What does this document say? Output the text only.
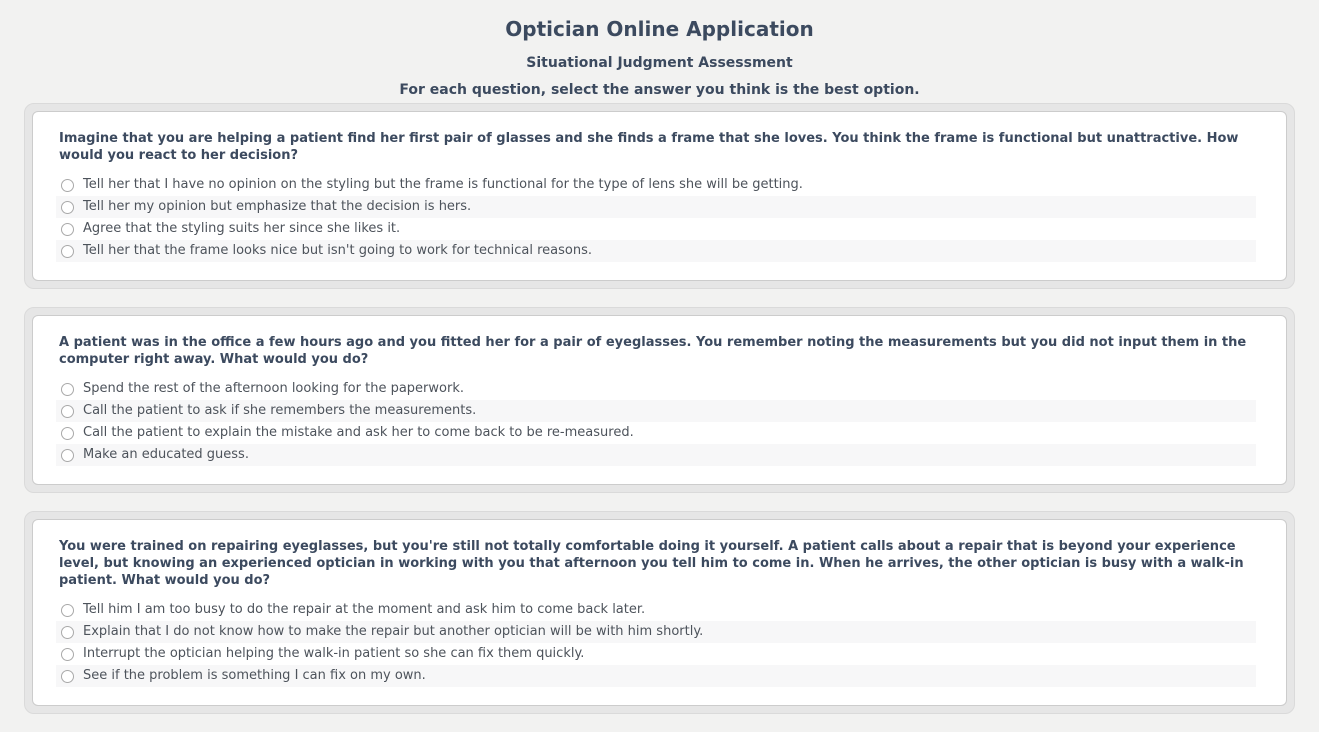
Optician Online Application
Situational Judgment Assessment

For each question, select the answer you think is the best option.

Imagine that you are helping a patient find her first pair of glasses and she finds a frame that she loves. You think the frame is functional but unattractive. How would you react to her decision?

Tell her that I have no opinion on the styling but the frame is functional for the type of lens she will be getting.
Tell her my opinion but emphasize that the decision is hers.
Agree that the styling suits her since she likes it.
Tell her that the frame looks nice but isn't going to work for technical reasons.

A patient was in the office a few hours ago and you fitted her for a pair of eyeglasses. You remember noting the measurements but you did not input them in the computer right away. What would you do?

Spend the rest of the afternoon looking for the paperwork.
Call the patient to ask if she remembers the measurements.
Call the patient to explain the mistake and ask her to come back to be re-measured.
Make an educated guess.

You were trained on repairing eyeglasses, but you're still not totally comfortable doing it yourself. A patient calls about a repair that is beyond your experience level, but knowing an experienced optician in working with you that afternoon you tell him to come in. When he arrives, the other optician is busy with a walk-in patient. What would you do?

Tell him I am too busy to do the repair at the moment and ask him to come back later.
Explain that I do not know how to make the repair but another optician will be with him shortly.
Interrupt the optician helping the walk-in patient so she can fix them quickly.
See if the problem is something I can fix on my own.
